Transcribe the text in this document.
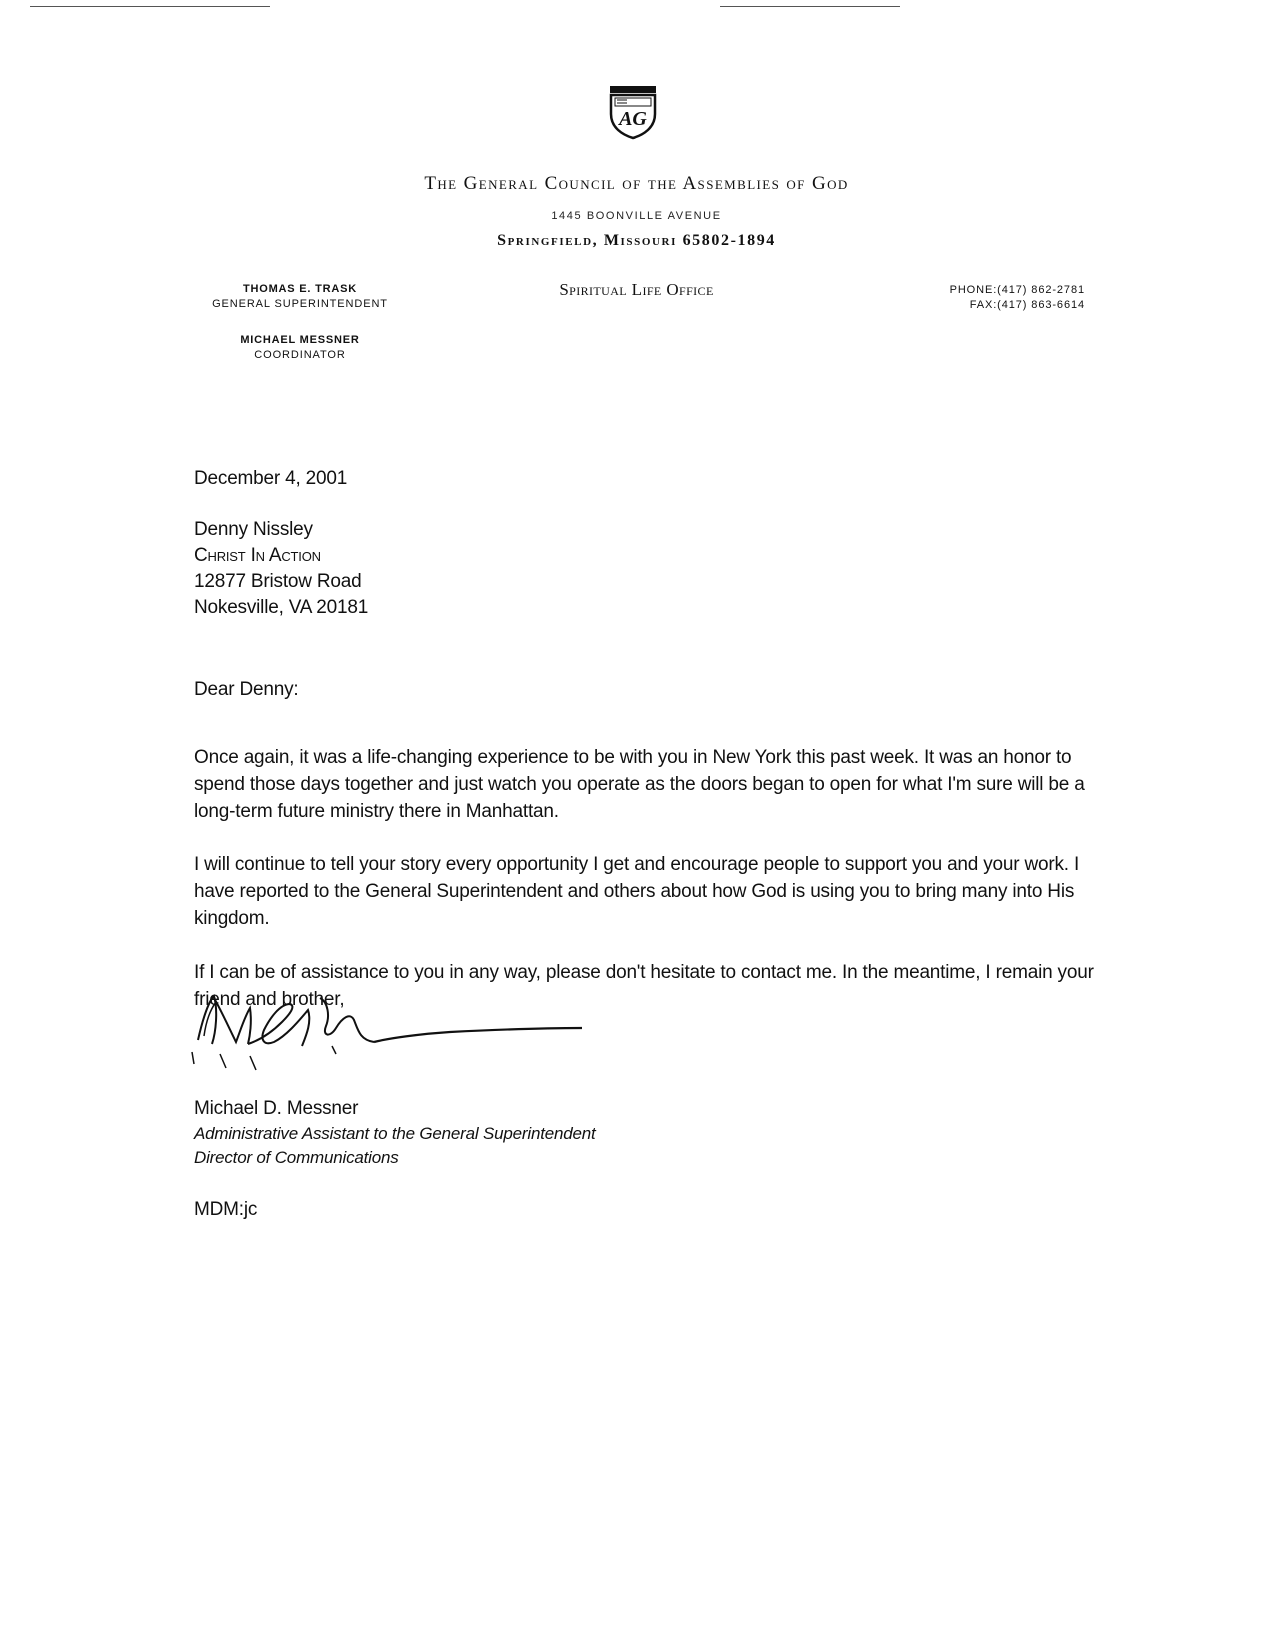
AG
The General Council of the Assemblies of God
1445 BOONVILLE AVENUE
Springfield, Missouri 65802-1894
THOMAS E. TRASK
GENERAL SUPERINTENDENT
MICHAEL MESSNER
COORDINATOR
Spiritual Life Office	PHONE:(417) 862-2781
FAX:(417) 863-6614
December 4, 2001
Denny Nissley
Christ In Action
12877 Bristow Road
Nokesville, VA 20181
Dear Denny:

Once again, it was a life-changing experience to be with you in New York this past week. It was an honor to spend those days together and just watch you operate as the doors began to open for what I'm sure will be a long-term future ministry there in Manhattan.

I will continue to tell your story every opportunity I get and encourage people to support you and your work. I have reported to the General Superintendent and others about how God is using you to bring many into His kingdom.

If I can be of assistance to you in any way, please don't hesitate to contact me. In the meantime, I remain your friend and brother,

Michael D. Messner
Administrative Assistant to the General Superintendent
Director of Communications
MDM:jc
